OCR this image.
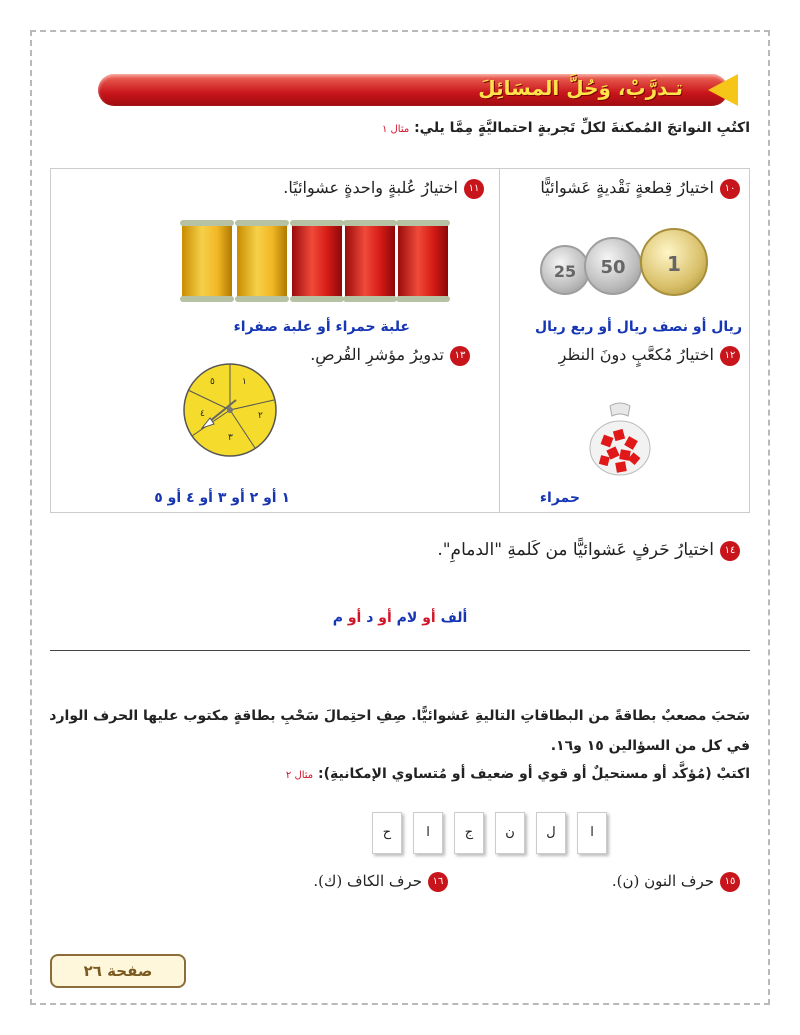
تـدرَّبْ، وَحُلَّ المسَائِلَ
اكتُبِ النواتجَ المُمكنةَ لكلِّ تَجربةٍ احتماليَّةٍ مِمَّا يلي: مثال ١
١٠اختيارُ قِطعةٍ نَقْديةٍ عَشوائيًّا
25	50	1
ريال أو نصف ريال أو ربع ريال
١١اختيارُ عُلبةٍ واحدةٍ عشوائيًا.
علبة حمراء أو علبة صفراء
١٢اختيارُ مُكعَّبٍ دونَ النظرِ
حمراء
١٣تدويرُ مؤشرِ القُرصِ.
١
٢
٣
٤
٥
١ أو ٢ أو ٣ أو ٤ أو ٥
١٤اختيارُ حَرفٍ عَشوائيًّا من كَلمةِ "الدمامِ".
ألف أو لام أو د أو م
سَحبَ مصعبٌ بطاقةً من البطاقاتِ التاليةِ عَشوائيًّا. صِفِ احتِمالَ سَحْبِ بطاقةٍ مكتوب عليها الحرف الوارد
في كل من السؤالين ١٥ و١٦.
اكتبْ (مُؤكَّد أو مستحيلٌ أو قوي أو ضعيف أو مُتساوي الإمكانيةِ): مثال ٢
ا
ل
ن
ج
ا
ح
١٥حرف النون (ن).
١٦حرف الكاف (ك).
صفحة ٢٦
